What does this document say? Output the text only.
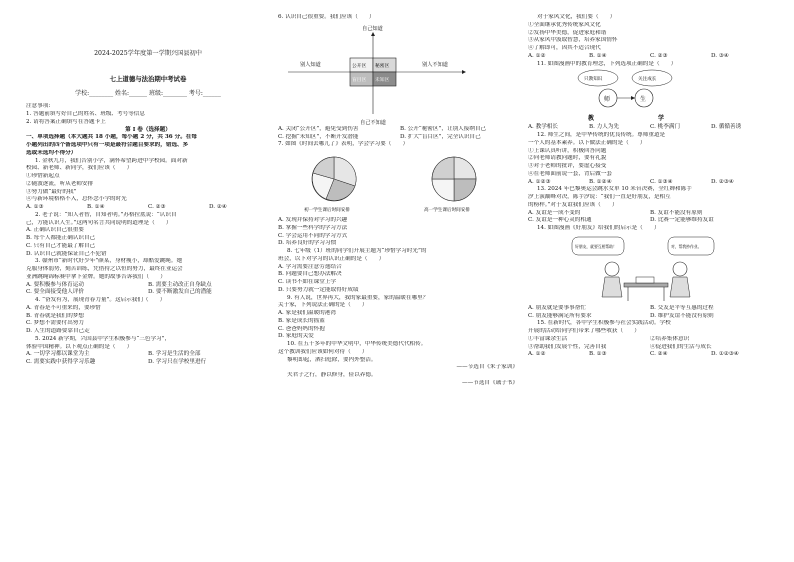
2024-2025学年度第一学期兴国县初中
七上道德与法治期中考试卷
学校:________ 姓名:______ 班级:________ 考号:______
注意事项:
1. 答题前填写好自己的姓名、班级、考号等信息
2. 请将答案正确填写在答题卡上
第 I 卷（选择题）
一、单项选择题（本大题共 18 小题，每小题 2 分，共 36 分。在每
小题列出的四个备选项中只有一项是最符合题目要求的，错选、多
选或未选均不得分）
1. 金秋九月，我们告别小学，满怀希望跨进中学校园。面对新
校园、新老师、新同学，我们应该（　　）
①珍惜新起点
②随波逐流，听从老师安排
③努力做“最好的我”
④与新环境格格不入，总怀念小学的时光
A. ①③	B. ①④	C. ②③	D. ②④
2. 老子说：“知人者智，自知者明。”苏格拉底说：“认识自
己，方能认识人生。”这两句名言共同说明的道理是（　　）
A. 正确认识自己很重要
B. 每个人都能正确认识自己
C. 只有自己才能最了解自己
D. 认识自己就能保证自己不犯错
3. 赣州市“新时代好少年”颜某，身材瘦小，却酷爱跳绳。她
克服身体弱势，刻苦训练，凭借持之以恒的努力，最终在亚运会
亚洲跳绳锦标赛中拿下金牌。她的故事告诉我们（　　）
A. 要积极参与体育运动	B. 需要主动改正自身缺点
C. 要全面接受他人评价	D. 要不断激发自己的潜能
4. “奋发有为，展现青春力量”。这启示我们（　　）
A. 青春是不可重来的，要珍惜
B. 青春就是我们的梦想
C. 梦想不需要付出努力
D. 人生的道路要靠自己走
5. 2024 新学期，兴国县中学生积极参与“三色学习”，
体验中国精神。以下观点正确的是（　　）
A. 一切学习都以课堂为主	B. 学习是生活的全部
C. 需要实践中获得学习乐趣	D. 学习只在学校里进行
6. 认识自己很重要。我们应该（　　）
自己知道
别人知道	别人不知道
自己不知道
公开区 秘密区
盲目区 未知区
A. 关闭“公开区”，避免受到伤害	B. 公开“秘密区”，让别人接纳自己
C. 挖掘“未知区”，不断开发潜能	D. 扩大“盲目区”，完全认识自己
7. 如图《时间去哪儿了》表明，学会学习要（　　）
初一学生课后时间安排	高一学生课后时间安排
A. 发现并保持对学习的兴趣
B. 掌握一些科学的学习方法
C. 学会运用不同的学习方式
D. 培养良好的学习习惯
8. 七年级（1）班的同学们开展主题为“珍惜学习时光”的
班会，以下对学习的认识正确的是（　　）
A. 学习需要注意劳逸结合
B. 问题要自己想办法解决
C. 读书不如在课堂上学
D. 只要努力就一定能取得好成绩
9. 有人说，世界再大，我的家最重要，家的温暖在哪里？
关于家，下列说法正确的是（　　）
A. 家是我们温暖的港湾
B. 家是成长的摇篮
C. 爸爸妈妈的怀抱
D. 家庭的关爱
10. 在五千多年的中华文明中，中华传统美德代代相传。
这个教训我们应该如何对待（　　）
黎明即起，洒扫庭除，要内外整洁。
——节选自《朱子家训》
夫君子之行，静以修身，俭以养德。
——节选自《诫子书》
对于家风文化，我们要（　　）
①全面继承优秀传统家风文化
②发扬中华美德，促进家庭和谐
③从家风中汲取智慧，培养家国情怀
④了解即可，因其不适合现代
A. ①②	B. ①④	C. ②③	D. ③④
11. 如图漫画中的教育理念，下列选项正确的是（　　）
只教知识	关注成长
师	生
教	学
A. 教学相长	B. 力人为先	C. 桃李满门	D. 循循善诱
12. 师生之间，是中华传统的优良传统。尊师重道是
一个人的基本素养。以下做法正确的是（　　）
①上课认真听讲，积极回答问题
②向老师请教问题时，要有礼貌
③对于老师的批评，要虚心接受
④在老师面前说一套，背后做一套
A. ①②③	B. ①②④	C. ①③④	D. ②③④
13. 2024 年巴黎奥运会跳水女单 10 米台决赛，全红婵和陈芋
汐上演巅峰对决，陈芋汐说：“我们一直是好朋友，是相互
的榜样。”对于友谊我们应该（　　）
A. 友谊是一成不变的	B. 友谊不能没有原则
C. 友谊是一种心灵的相通	D. 比赛一定能够维持友谊
14. 如图漫画《好朋友》给我们的启示是（　　）
好朋友，就要互相帮助！	对，帮我抄作业。
A. 朋友就是要事事帮忙	B. 交友是平等互惠的过程
C. 朋友能够满足所有要求	D. 维护友谊不能没有原则
15. 在新时代，各中学生积极参与社会实践活动。学校
开展的活动给同学们带来了哪些收获（　　）
①丰富课余生活	②培养集体意识
③帮助我们发展个性，完善自我	④促进我们的生活与成长
A. ①②	B. ①③	C. ②④	D. ①②③④
